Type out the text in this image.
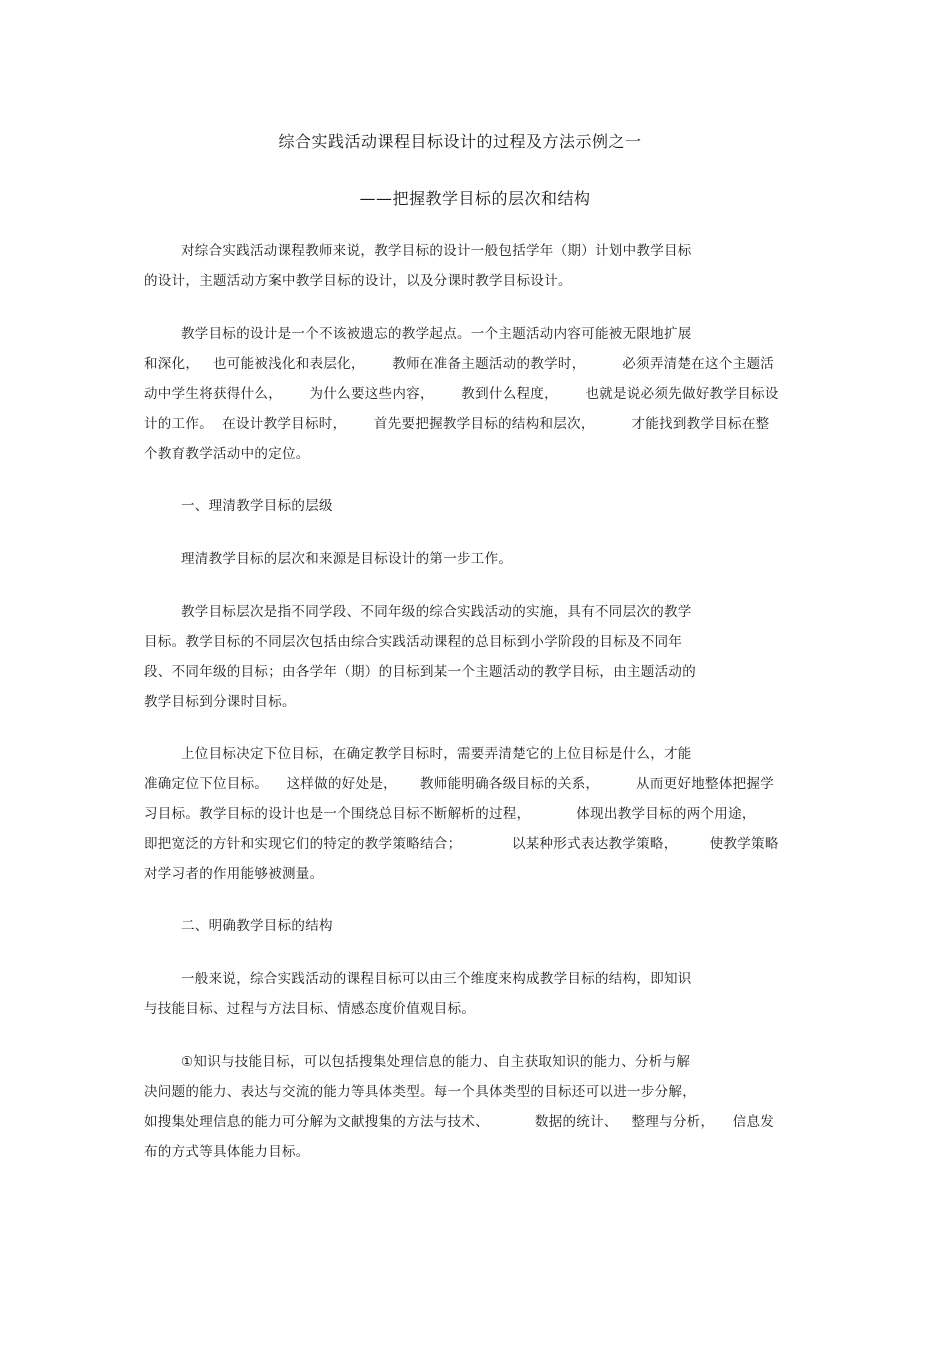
综合实践活动课程目标设计的过程及方法示例之一
——把握教学目标的层次和结构
对综合实践活动课程教师来说，教学目标的设计一般包括学年（期）计划中教学目标
的设计，主题活动方案中教学目标的设计，以及分课时教学目标设计。
教学目标的设计是一个不该被遗忘的教学起点。一个主题活动内容可能被无限地扩展
和深化，   也可能被浅化和表层化，      教师在准备主题活动的教学时，        必须弄清楚在这个主题活
动中学生将获得什么，      为什么要这些内容，      教到什么程度，      也就是说必须先做好教学目标设
计的工作。  在设计教学目标时，      首先要把握教学目标的结构和层次，        才能找到教学目标在整
个教育教学活动中的定位。
一、理清教学目标的层级
理清教学目标的层次和来源是目标设计的第一步工作。
教学目标层次是指不同学段、不同年级的综合实践活动的实施，具有不同层次的教学
目标。教学目标的不同层次包括由综合实践活动课程的总目标到小学阶段的目标及不同年
段、不同年级的目标；由各学年（期）的目标到某一个主题活动的教学目标，由主题活动的
教学目标到分课时目标。
上位目标决定下位目标，在确定教学目标时，需要弄清楚它的上位目标是什么，才能
准确定位下位目标。    这样做的好处是，     教师能明确各级目标的关系，        从而更好地整体把握学
习目标。教学目标的设计也是一个围绕总目标不断解析的过程，          体现出教学目标的两个用途，
即把宽泛的方针和实现它们的特定的教学策略结合；           以某种形式表达教学策略，       使教学策略
对学习者的作用能够被测量。
二、明确教学目标的结构
一般来说，综合实践活动的课程目标可以由三个维度来构成教学目标的结构，即知识
与技能目标、过程与方法目标、情感态度价值观目标。
①知识与技能目标，可以包括搜集处理信息的能力、自主获取知识的能力、分析与解
决问题的能力、表达与交流的能力等具体类型。每一个具体类型的目标还可以进一步分解，
如搜集处理信息的能力可分解为文献搜集的方法与技术、          数据的统计、   整理与分析，    信息发
布的方式等具体能力目标。
